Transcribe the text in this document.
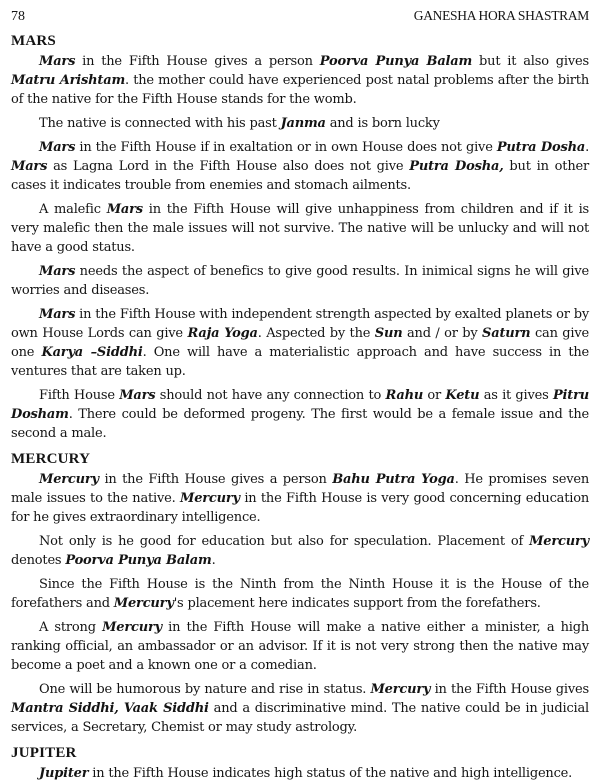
78	GANESHA HORA SHASTRAM
MARS

Mars in the Fifth House gives a person Poorva Punya Balam but it also gives Matru Arishtam. the mother could have experienced post natal problems after the birth of the native for the Fifth House stands for the womb.

The native is connected with his past Janma and is born lucky

Mars in the Fifth House if in exaltation or in own House does not give Putra Dosha. Mars as Lagna Lord in the Fifth House also does not give Putra Dosha, but in other cases it indicates trouble from enemies and stomach ailments.

A malefic Mars in the Fifth House will give unhappiness from children and if it is very malefic then the male issues will not survive. The native will be unlucky and will not have a good status.

Mars needs the aspect of benefics to give good results. In inimical signs he will give worries and diseases.

Mars in the Fifth House with independent strength aspected by exalted planets or by own House Lords can give Raja Yoga. Aspected by the Sun and / or by Saturn can give one Karya –Siddhi. One will have a materialistic approach and have success in the ventures that are taken up.

Fifth House Mars should not have any connection to Rahu or Ketu as it gives Pitru Dosham. There could be deformed progeny. The first would be a female issue and the second a male.

MERCURY

Mercury in the Fifth House gives a person Bahu Putra Yoga. He promises seven male issues to the native. Mercury in the Fifth House is very good concerning education for he gives extraordinary intelligence.

Not only is he good for education but also for speculation. Placement of Mercury denotes Poorva Punya Balam.

Since the Fifth House is the Ninth from the Ninth House it is the House of the forefathers and Mercury's placement here indicates support from the forefathers.

A strong Mercury in the Fifth House will make a native either a minister, a high ranking official, an ambassador or an advisor. If it is not very strong then the native may become a poet and a known one or a comedian.

One will be humorous by nature and rise in status. Mercury in the Fifth House gives Mantra Siddhi, Vaak Siddhi and a discriminative mind. The native could be in judicial services, a Secretary, Chemist or may study astrology.

JUPITER

Jupiter in the Fifth House indicates high status of the native and high intelligence.
